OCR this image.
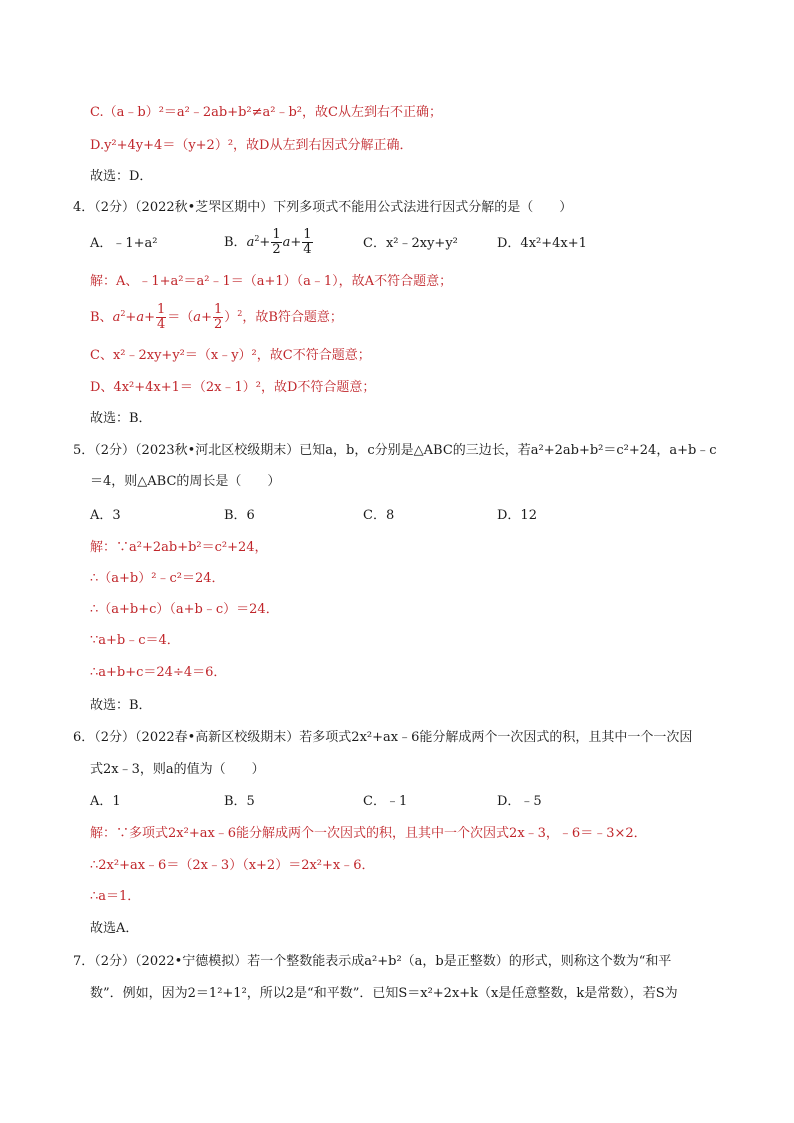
C.（a﹣b）²＝a²﹣2ab+b²≠a²﹣b²，故C从左到右不正确；
D.y²+4y+4＝（y+2）²，故D从左到右因式分解正确．
故选：D．
4．（2分）（2022秋•芝罘区期中）下列多项式不能用公式法进行因式分解的是（　　）
A．﹣1+a²	B．$a^2+ \frac{1}{2} a+ \frac{1}{4}$	C．x²﹣2xy+y²	D．4x²+4x+1
解：A、﹣1+a²＝a²﹣1＝（a+1）（a﹣1），故A不符合题意；
B、$a^2+a+ \frac{1}{4} =(a+ \frac{1}{2} )^2$，故B符合题意；
C、x²﹣2xy+y²＝（x﹣y）²，故C不符合题意；
D、4x²+4x+1＝（2x﹣1）²，故D不符合题意；
故选：B．
5．（2分）（2023秋•河北区校级期末）已知a，b，c分别是△ABC的三边长，若a²+2ab+b²＝c²+24，a+b﹣c
＝4，则△ABC的周长是（　　）
A．3	B．6	C．8	D．12
解：∵a²+2ab+b²＝c²+24，
∴（a+b）²﹣c²＝24．
∴（a+b+c）（a+b﹣c）＝24．
∵a+b﹣c＝4．
∴a+b+c＝24÷4＝6．
故选：B．
6．（2分）（2022春•高新区校级期末）若多项式2x²+ax﹣6能分解成两个一次因式的积，且其中一个一次因
式2x﹣3，则a的值为（　　）
A．1	B．5	C．﹣1	D．﹣5
解：∵多项式2x²+ax﹣6能分解成两个一次因式的积，且其中一个次因式2x﹣3，﹣6＝﹣3×2．
∴2x²+ax﹣6＝（2x﹣3）（x+2）＝2x²+x﹣6．
∴a＝1．
故选A．
7．（2分）（2022•宁德模拟）若一个整数能表示成a²+b²（a，b是正整数）的形式，则称这个数为“和平
数”．例如，因为2＝1²+1²，所以2是“和平数”．已知S＝x²+2x+k（x是任意整数，k是常数），若S为
